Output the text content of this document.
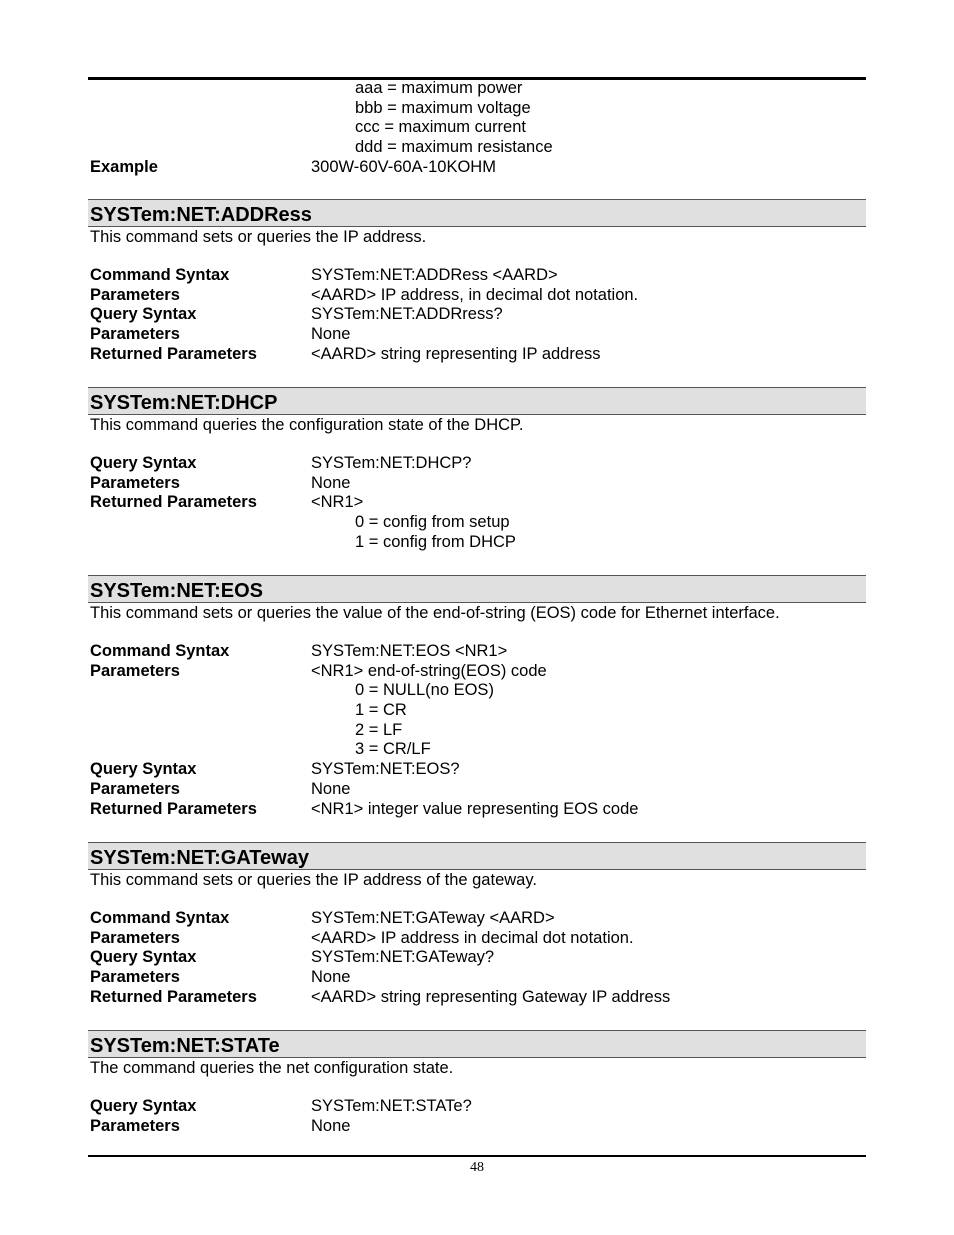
aaa = maximum power
bbb = maximum voltage
ccc = maximum current
ddd = maximum resistance
Example	300W-60V-60A-10KOHM
SYSTem:NET:ADDRess
This command sets or queries the IP address.
Command Syntax	SYSTem:NET:ADDRess <AARD>
Parameters	<AARD> IP address, in decimal dot notation.
Query Syntax	SYSTem:NET:ADDRress?
Parameters	None
Returned Parameters	<AARD> string representing IP address
SYSTem:NET:DHCP
This command queries the configuration state of the DHCP.
Query Syntax	SYSTem:NET:DHCP?
Parameters	None
Returned Parameters	<NR1>
0 = config from setup
1 = config from DHCP
SYSTem:NET:EOS
This command sets or queries the value of the end-of-string (EOS) code for Ethernet interface.
Command Syntax	SYSTem:NET:EOS <NR1>
Parameters	<NR1> end-of-string(EOS) code
0 = NULL(no EOS)
1 = CR
2 = LF
3 = CR/LF
Query Syntax	SYSTem:NET:EOS?
Parameters	None
Returned Parameters	<NR1> integer value representing EOS code
SYSTem:NET:GATeway
This command sets or queries the IP address of the gateway.
Command Syntax	SYSTem:NET:GATeway <AARD>
Parameters	<AARD> IP address in decimal dot notation.
Query Syntax	SYSTem:NET:GATeway?
Parameters	None
Returned Parameters	<AARD> string representing Gateway IP address
SYSTem:NET:STATe
The command queries the net configuration state.
Query Syntax	SYSTem:NET:STATe?
Parameters	None
48
